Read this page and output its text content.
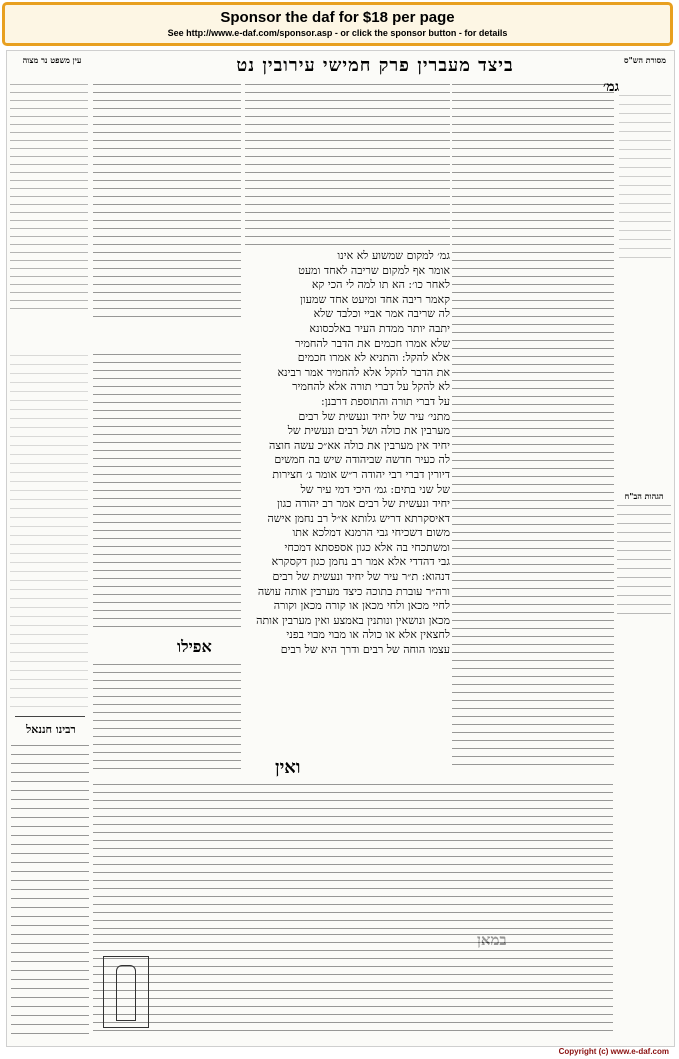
Sponsor the daf for $18 per page
See http://www.e-daf.com/sponsor.asp - or click the sponsor button - for details
עין משפט נר מצוה	ביצד מעברין פרק חמישי עירובין נט	מסורת הש"ס
רבינו חננאל
אפילו
הגהות הב"ח
גמ׳
גמ׳ למקום שמשוע לא אינו
אומר אף למקום שריבה לאחד ומעט
לאחר כו׳: הא תו למה לי הכי קא
קאמר ריבה אחד ומיעט אחד שמעון
לה שריבה אמר אביי וכלבד שלא
יתבה יותר ממדת העיר באלכסונא
שלא אמרו חכמים את הדבר להחמיר
אלא להקל: והתניא לא אמרו חכמים
את הדבר להקל אלא להחמיר אמר רבינא
לא להקל על דברי תורה אלא להחמיר
על דברי תורה והתוספת דרבנן:
מתני׳ עיר של יחיד ונעשית של רבים
מערבין את כולה ושל רבים ונעשית של
יחיד אין מערבין את כולה אא״כ עשה חוצה
לה כעיר חדשה שביהודה שיש בה חמשים
דיורין דברי רבי יהודה ר״ש אומר ג׳ חצירות
של שני בתים: גמ׳ היכי דמי עיר של
יחיד ונעשית של רבים אמר רב יהודה כגון
דאיסקרתא דריש גלותא א״ל רב נחמן אישה
משום דשכיחי גבי הרמנא דמלכא אתו
ומשתכחי בה אלא כגון אספסתא דמכחי
גבי דהדדי אלא אמר רב נחמן כגון דקסקרא
דנהוא: ת״ר עיר של יחיד ונעשית של רבים
ורה״ר עוברת בתוכה כיצד מערבין אותה עושה
לחיי מכאן ולחי מכאן או קורה מכאן וקורה
מכאן ונושאין ונותנין באמצע ואין מערבין אותה
לחצאין אלא או כולה או מבוי מבוי בפני
עצמו הוחה של רבים ודרך היא של רבים
ואין
Copyright (c) www.e-daf.com
